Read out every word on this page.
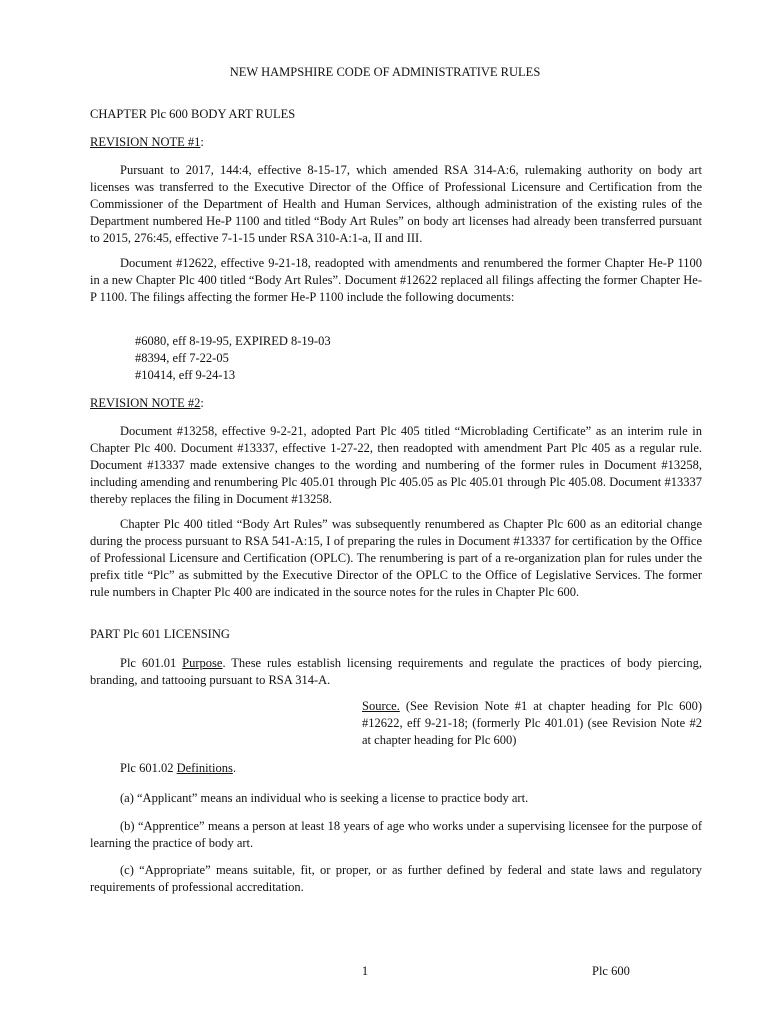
NEW HAMPSHIRE CODE OF ADMINISTRATIVE RULES
CHAPTER Plc 600 BODY ART RULES
REVISION NOTE #1:
Pursuant to 2017, 144:4, effective 8-15-17, which amended RSA 314-A:6, rulemaking authority on body art licenses was transferred to the Executive Director of the Office of Professional Licensure and Certification from the Commissioner of the Department of Health and Human Services, although administration of the existing rules of the Department numbered He-P 1100 and titled “Body Art Rules” on body art licenses had already been transferred pursuant to 2015, 276:45, effective 7-1-15 under RSA 310-A:1-a, II and III.
Document #12622, effective 9-21-18, readopted with amendments and renumbered the former Chapter He-P 1100 in a new Chapter Plc 400 titled “Body Art Rules”. Document #12622 replaced all filings affecting the former Chapter He-P 1100. The filings affecting the former He-P 1100 include the following documents:
#6080, eff 8-19-95, EXPIRED 8-19-03
#8394, eff 7-22-05
#10414, eff 9-24-13
REVISION NOTE #2:
Document #13258, effective 9-2-21, adopted Part Plc 405 titled “Microblading Certificate” as an interim rule in Chapter Plc 400. Document #13337, effective 1-27-22, then readopted with amendment Part Plc 405 as a regular rule. Document #13337 made extensive changes to the wording and numbering of the former rules in Document #13258, including amending and renumbering Plc 405.01 through Plc 405.05 as Plc 405.01 through Plc 405.08. Document #13337 thereby replaces the filing in Document #13258.
Chapter Plc 400 titled “Body Art Rules” was subsequently renumbered as Chapter Plc 600 as an editorial change during the process pursuant to RSA 541-A:15, I of preparing the rules in Document #13337 for certification by the Office of Professional Licensure and Certification (OPLC). The renumbering is part of a re-organization plan for rules under the prefix title “Plc” as submitted by the Executive Director of the OPLC to the Office of Legislative Services. The former rule numbers in Chapter Plc 400 are indicated in the source notes for the rules in Chapter Plc 600.
PART Plc 601 LICENSING
Plc 601.01 Purpose. These rules establish licensing requirements and regulate the practices of body piercing, branding, and tattooing pursuant to RSA 314-A.
Source. (See Revision Note #1 at chapter heading for Plc 600) #12622, eff 9-21-18; (formerly Plc 401.01) (see Revision Note #2 at chapter heading for Plc 600)
Plc 601.02 Definitions.
(a) “Applicant” means an individual who is seeking a license to practice body art.
(b) “Apprentice” means a person at least 18 years of age who works under a supervising licensee for the purpose of learning the practice of body art.
(c) “Appropriate” means suitable, fit, or proper, or as further defined by federal and state laws and regulatory requirements of professional accreditation.
1	Plc 600
